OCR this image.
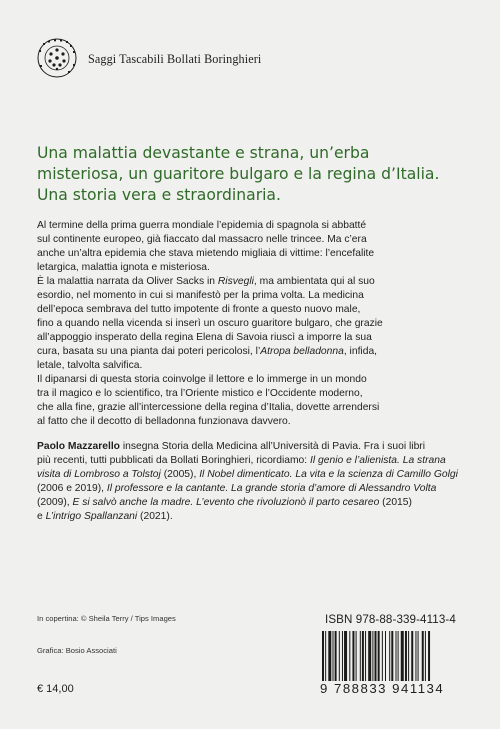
Saggi Tascabili Bollati Boringhieri
Una malattia devastante e strana, un’erba
misteriosa, un guaritore bulgaro e la regina d’Italia.
Una storia vera e straordinaria.
Al termine della prima guerra mondiale l’epidemia di spagnola si abbatté
sul continente europeo, già fiaccato dal massacro nelle trincee. Ma c’era
anche un’altra epidemia che stava mietendo migliaia di vittime: l’encefalite
letargica, malattia ignota e misteriosa.
È la malattia narrata da Oliver Sacks in Risvegli, ma ambientata qui al suo
esordio, nel momento in cui si manifestò per la prima volta. La medicina
dell’epoca sembrava del tutto impotente di fronte a questo nuovo male,
fino a quando nella vicenda si inserì un oscuro guaritore bulgaro, che grazie
all’appoggio insperato della regina Elena di Savoia riuscì a imporre la sua
cura, basata su una pianta dai poteri pericolosi, l’Atropa belladonna, infida,
letale, talvolta salvifica.
Il dipanarsi di questa storia coinvolge il lettore e lo immerge in un mondo
tra il magico e lo scientifico, tra l’Oriente mistico e l’Occidente moderno,
che alla fine, grazie all’intercessione della regina d’Italia, dovette arrendersi
al fatto che il decotto di belladonna funzionava davvero.
Paolo Mazzarello insegna Storia della Medicina all’Università di Pavia. Fra i suoi libri
più recenti, tutti pubblicati da Bollati Boringhieri, ricordiamo: Il genio e l’alienista. La strana
visita di Lombroso a Tolstoj (2005), Il Nobel dimenticato. La vita e la scienza di Camillo Golgi
(2006 e 2019), Il professore e la cantante. La grande storia d’amore di Alessandro Volta
(2009), E si salvò anche la madre. L’evento che rivoluzionò il parto cesareo (2015)
e L’intrigo Spallanzani (2021).
In copertina: © Sheila Terry / Tips Images
Grafica: Bosio Associati
€ 14,00
ISBN 978-88-339-4113-4
9 788833 941134
